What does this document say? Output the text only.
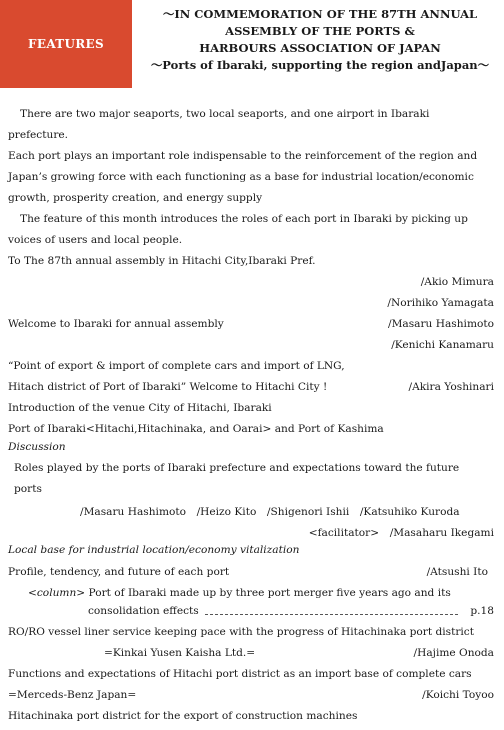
FEATURES
〜IN COMMEMORATION OF THE 87TH ANNUAL
ASSEMBLY OF THE PORTS &
HARBOURS ASSOCIATION OF JAPAN
〜Ports of Ibaraki, supporting the region andJapan〜
There are two major seaports, two local seaports, and one airport in Ibaraki
prefecture.
Each port plays an important role indispensable to the reinforcement of the region and
Japan’s growing force with each functioning as a base for industrial location/economic
growth, prosperity creation, and energy supply
The feature of this month introduces the roles of each port in Ibaraki by picking up
voices of users and local people.
To The 87th annual assembly in Hitachi City,Ibaraki Pref.
/Akio Mimura
/Norihiko Yamagata
Welcome to Ibaraki for annual assembly	/Masaru Hashimoto
/Kenichi Kanamaru
“Point of export & import of complete cars and import of LNG,
Hitach district of Port of Ibaraki” Welcome to Hitachi City !	/Akira Yoshinari
Introduction of the venue City of Hitachi, Ibaraki
Port of Ibaraki<Hitachi,Hitachinaka, and Oarai> and Port of Kashima
Discussion
Roles played by the ports of Ibaraki prefecture and expectations toward the future
ports
/Masaru Hashimoto　/Heizo Kito　/Shigenori Ishii　/Katsuhiko Kuroda
<facilitator>　/Masaharu Ikegami
Local base for industrial location/economy vitalization
Profile, tendency, and future of each port	/Atsushi Ito
<column> Port of Ibaraki made up by three port merger five years ago and its
consolidation effects	p.18
RO/RO vessel liner service keeping pace with the progress of Hitachinaka port district
=Kinkai Yusen Kaisha Ltd.=	/Hajime Onoda
Functions and expectations of Hitachi port district as an import base of complete cars
=Merceds-Benz Japan=	/Koichi Toyoo
Hitachinaka port district for the export of construction machines
